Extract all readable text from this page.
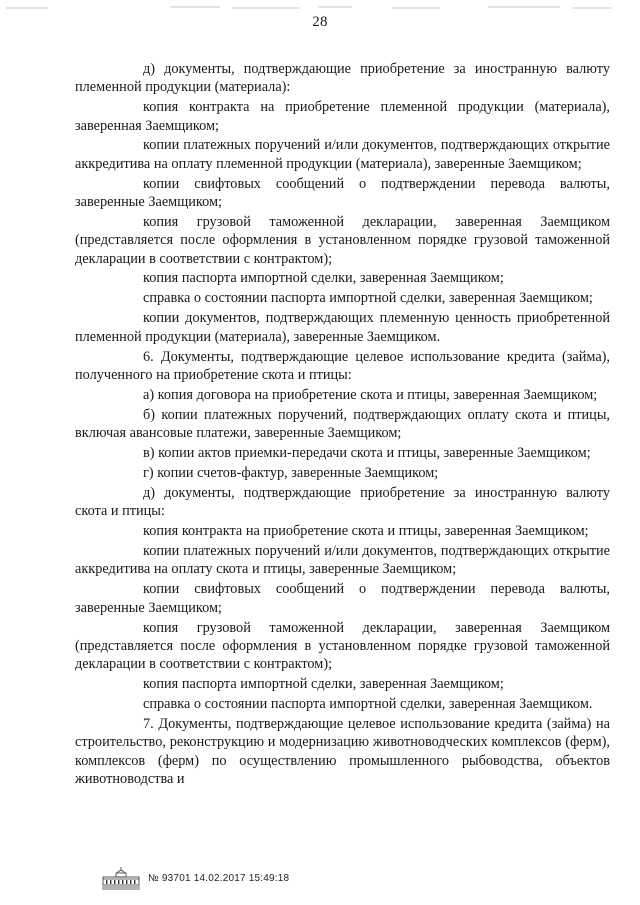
28

д) документы, подтверждающие приобретение за иностранную валюту племенной продукции (материала):

копия контракта на приобретение племенной продукции (материала), заверенная Заемщиком;

копии платежных поручений и/или документов, подтверждающих открытие аккредитива на оплату племенной продукции (материала), заверенные Заемщиком;

копии свифтовых сообщений о подтверждении перевода валюты, заверенные Заемщиком;

копия грузовой таможенной декларации, заверенная Заемщиком (представляется после оформления в установленном порядке грузовой таможенной декларации в соответствии с контрактом);

копия паспорта импортной сделки, заверенная Заемщиком;

справка о состоянии паспорта импортной сделки, заверенная Заемщиком;

копии документов, подтверждающих племенную ценность приобретенной племенной продукции (материала), заверенные Заемщиком.

6. Документы, подтверждающие целевое использование кредита (займа), полученного на приобретение скота и птицы:

а) копия договора на приобретение скота и птицы, заверенная Заемщиком;

б) копии платежных поручений, подтверждающих оплату скота и птицы, включая авансовые платежи, заверенные Заемщиком;

в) копии актов приемки-передачи скота и птицы, заверенные Заемщиком;

г) копии счетов-фактур, заверенные Заемщиком;

д) документы, подтверждающие приобретение за иностранную валюту скота и птицы:

копия контракта на приобретение скота и птицы, заверенная Заемщиком;

копии платежных поручений и/или документов, подтверждающих открытие аккредитива на оплату скота и птицы, заверенные Заемщиком;

копии свифтовых сообщений о подтверждении перевода валюты, заверенные Заемщиком;

копия грузовой таможенной декларации, заверенная Заемщиком (представляется после оформления в установленном порядке грузовой таможенной декларации в соответствии с контрактом);

копия паспорта импортной сделки, заверенная Заемщиком;

справка о состоянии паспорта импортной сделки, заверенная Заемщиком.

7. Документы, подтверждающие целевое использование кредита (займа) на строительство, реконструкцию и модернизацию животноводческих комплексов (ферм), комплексов (ферм) по осуществлению промышленного рыбоводства, объектов животноводства и

№ 93701 14.02.2017 15:49:18
